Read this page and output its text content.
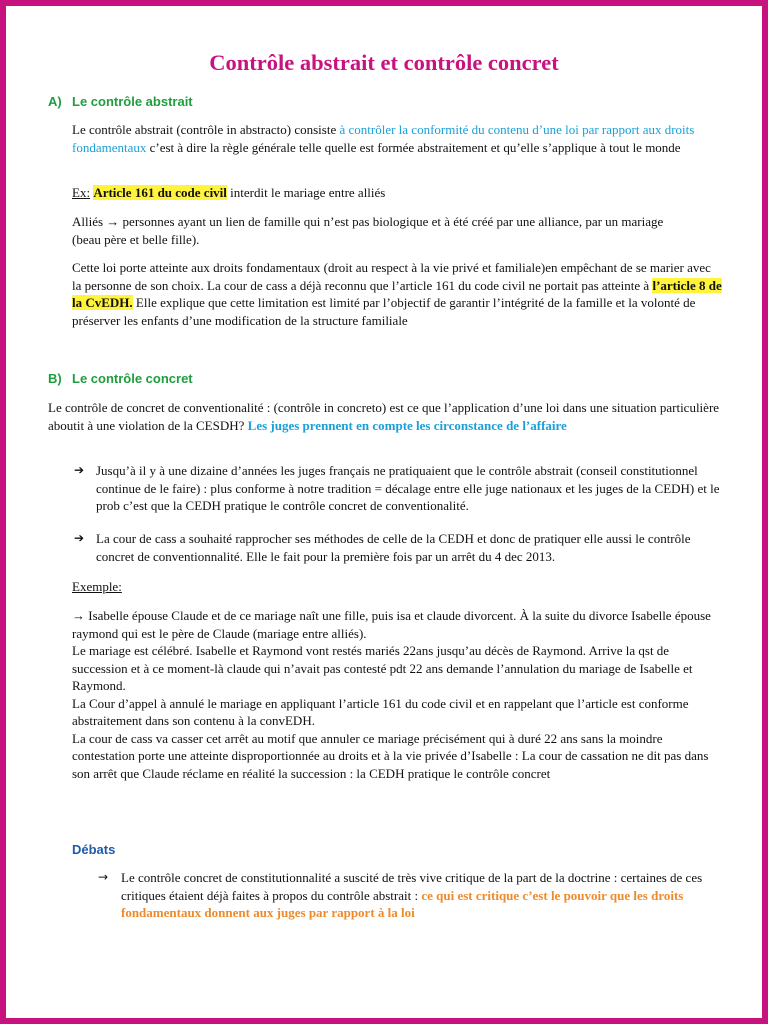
Contrôle abstrait et contrôle concret
A) Le contrôle abstrait
Le contrôle abstrait (contrôle in abstracto) consiste à contrôler la conformité du contenu d’une loi par rapport aux droits fondamentaux c’est à dire la règle générale telle quelle est formée abstraitement et qu’elle s’applique à tout le monde
Ex: Article 161 du code civil interdit le mariage entre alliés
Alliés → personnes ayant un lien de famille qui n’est pas biologique et à été créé par une alliance, par un mariage (beau père et belle fille).
Cette loi porte atteinte aux droits fondamentaux (droit au respect à la vie privé et familiale)en empêchant de se marier avec la personne de son choix. La cour de cass a déjà reconnu que l’article 161 du code civil ne portait pas atteinte à l’article 8 de la CvEDH. Elle explique que cette limitation est limité par l’objectif de garantir l’intégrité de la famille et la volonté de préserver les enfants d’une modification de la structure familiale
B) Le contrôle concret
Le contrôle de concret de conventionalité : (contrôle in concreto) est ce que l’application d’une loi dans une situation particulière aboutit à une violation de la CESDH? Les juges prennent en compte les circonstance de l’affaire
➔ Jusqu’à il y à une dizaine d’années les juges français ne pratiquaient que le contrôle abstrait (conseil constitutionnel continue de le faire) : plus conforme à notre tradition = décalage entre elle juge nationaux et les juges de la CEDH) et le prob c’est que la CEDH pratique le contrôle concret de conventionalité.
➔ La cour de cass a souhaité rapprocher ses méthodes de celle de la CEDH et donc de pratiquer elle aussi le contrôle concret de conventionnalité. Elle le fait pour la première fois par un arrêt du 4 dec 2013.
Exemple:
→ Isabelle épouse Claude et de ce mariage naît une fille, puis isa et claude divorcent. À la suite du divorce Isabelle épouse raymond qui est le père de Claude (mariage entre alliés).
Le mariage est célébré. Isabelle et Raymond vont restés mariés 22ans jusqu’au décès de Raymond. Arrive la qst de succession et à ce moment-là claude qui n’avait pas contesté pdt 22 ans demande l’annulation du mariage de Isabelle et Raymond.
La Cour d’appel à annulé le mariage en appliquant l’article 161 du code civil et en rappelant que l’article est conforme abstraitement dans son contenu à la convEDH.
La cour de cass va casser cet arrêt au motif que annuler ce mariage précisément qui à duré 22 ans sans la moindre contestation porte une atteinte disproportionnée au droits et à la vie privée d’Isabelle : La cour de cassation ne dit pas dans son arrêt que Claude réclame en réalité la succession : la CEDH pratique le contrôle concret
Débats
→ Le contrôle concret de constitutionnalité a suscité de très vive critique de la part de la doctrine : certaines de ces critiques étaient déjà faites à propos du contrôle abstrait : ce qui est critique c’est le pouvoir que les droits fondamentaux donnent aux juges par rapport à la loi
